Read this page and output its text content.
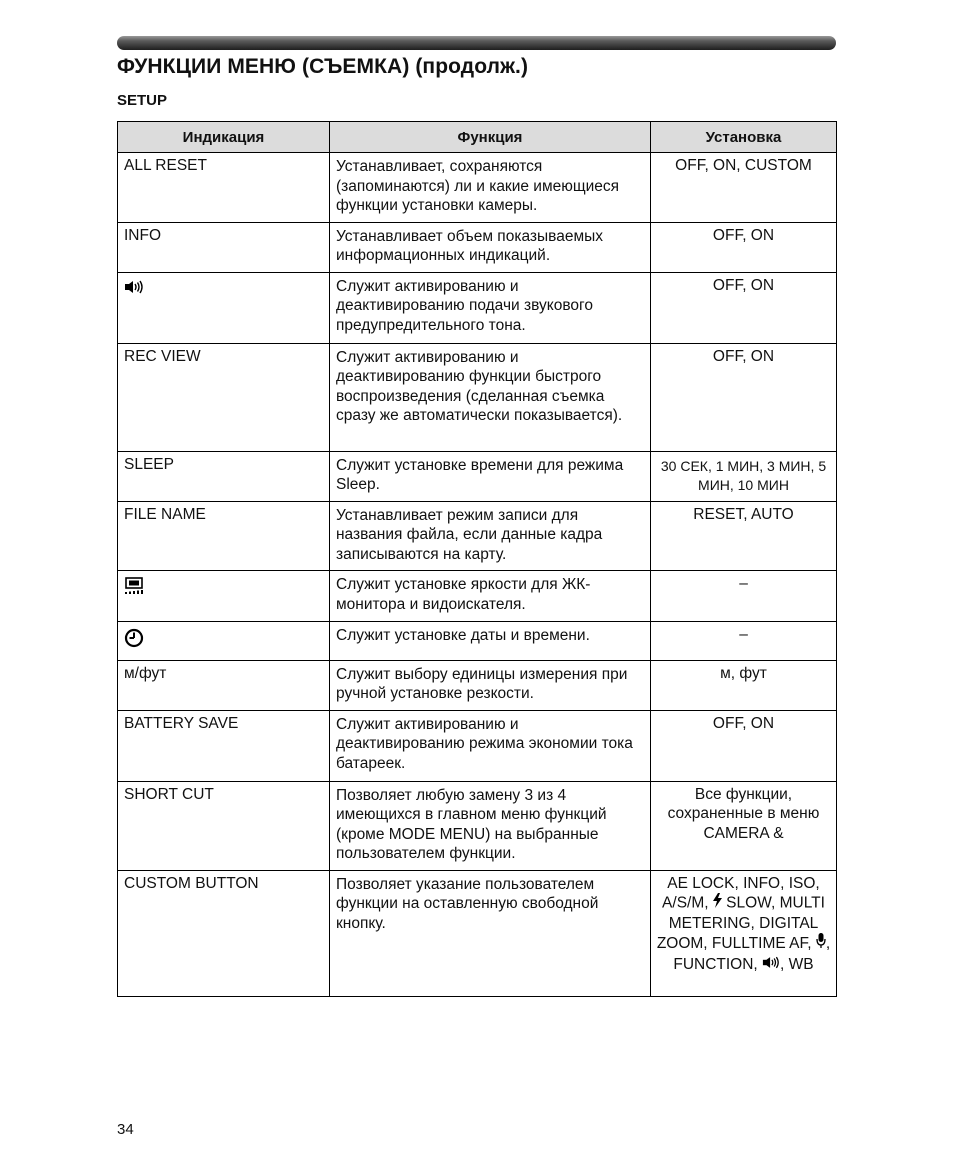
ФУНКЦИИ МЕНЮ (СЪЕМКА) (продолж.)
SETUP
Индикация	Функция	Установка
ALL RESET	Устанавливает, сохраняются (запоминаются) ли и какие имеющиеся функции установки камеры.	OFF, ON, CUSTOM
INFO	Устанавливает объем показываемых информационных индикаций.	OFF, ON
	Служит активированию и деактивированию подачи звукового предупредительного тона.	OFF, ON
REC VIEW	Служит активированию и деактивированию функции быстрого воспроизведения (сделанная съемка сразу же автоматически показывается).	OFF, ON
SLEEP	Служит установке времени для режима Sleep.	30 СЕК, 1 МИН, 3 МИН, 5 МИН, 10 МИН
FILE NAME	Устанавливает режим записи для названия файла, если данные кадра записываются на карту.	RESET, AUTO
	Служит установке яркости для ЖК-монитора и видоискателя.	–
	Служит установке даты и времени.	–
м/фут	Служит выбору единицы измерения при ручной установке резкости.	м, фут
BATTERY SAVE	Служит активированию и деактивированию режима экономии тока батареек.	OFF, ON
SHORT CUT	Позволяет любую замену 3 из 4 имеющихся в главном меню функций (кроме MODE MENU) на выбранные пользователем функции.	Все функции, сохраненные в меню CAMERA &
CUSTOM BUTTON	Позволяет указание пользователем функции на оставленную свободной кнопку.	AE LOCK, INFO, ISO, A/S/M,  SLOW, MULTI METERING, DIGITAL ZOOM, FULLTIME AF, , FUNCTION, , WB
34
